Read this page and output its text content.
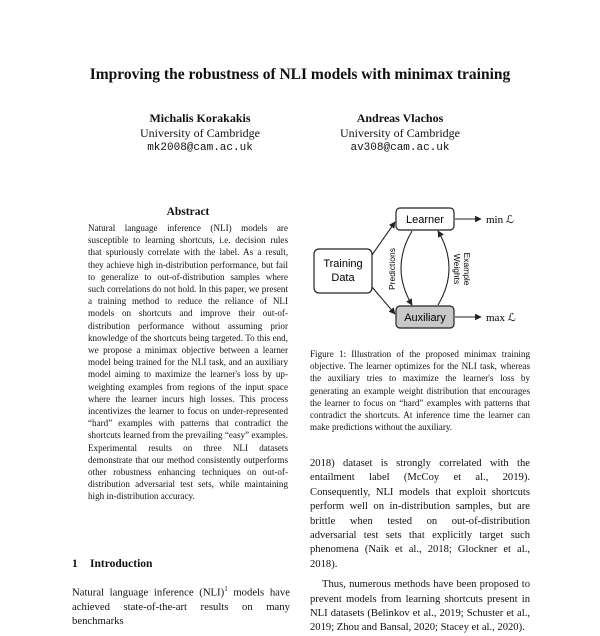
Improving the robustness of NLI models with minimax training
Michalis Korakakis
University of Cambridge
mk2008@cam.ac.uk
Andreas Vlachos
University of Cambridge
av308@cam.ac.uk
Abstract
Natural language inference (NLI) models are susceptible to learning shortcuts, i.e. decision rules that spuriously correlate with the label. As a result, they achieve high in-distribution performance, but fail to generalize to out-of-distribution samples where such correlations do not hold. In this paper, we present a training method to reduce the reliance of NLI models on shortcuts and improve their out-of-distribution performance without assuming prior knowledge of the shortcuts being targeted. To this end, we propose a minimax objective between a learner model being trained for the NLI task, and an auxiliary model aiming to maximize the learner's loss by up-weighting examples from regions of the input space where the learner incurs high losses. This process incentivizes the learner to focus on under-represented “hard” examples with patterns that contradict the shortcuts learned from the prevailing “easy” examples. Experimental results on three NLI datasets demonstrate that our method consistently outperforms other robustness enhancing techniques on out-of-distribution adversarial test sets, while maintaining high in-distribution accuracy.
1 Introduction
Natural language inference (NLI)$^1$ models have achieved state-of-the-art results on many benchmarks
Training
Data
Learner
Auxiliary
Predictions	Example
Weights
min ℒ
max ℒ
Figure 1: Illustration of the proposed minimax training objective. The learner optimizes for the NLI task, whereas the auxiliary tries to maximize the learner's loss by generating an example weight distribution that encourages the learner to focus on “hard” examples with patterns that contradict the shortcuts. At inference time the learner can make predictions without the auxiliary.

2018) dataset is strongly correlated with the entailment label (McCoy et al., 2019). Consequently, NLI models that exploit shortcuts perform well on in-distribution samples, but are brittle when tested on out-of-distribution adversarial test sets that explicitly target such phenomena (Naik et al., 2018; Glockner et al., 2018).

Thus, numerous methods have been proposed to prevent models from learning shortcuts present in NLI datasets (Belinkov et al., 2019; Schuster et al., 2019; Zhou and Bansal, 2020; Stacey et al., 2020).
